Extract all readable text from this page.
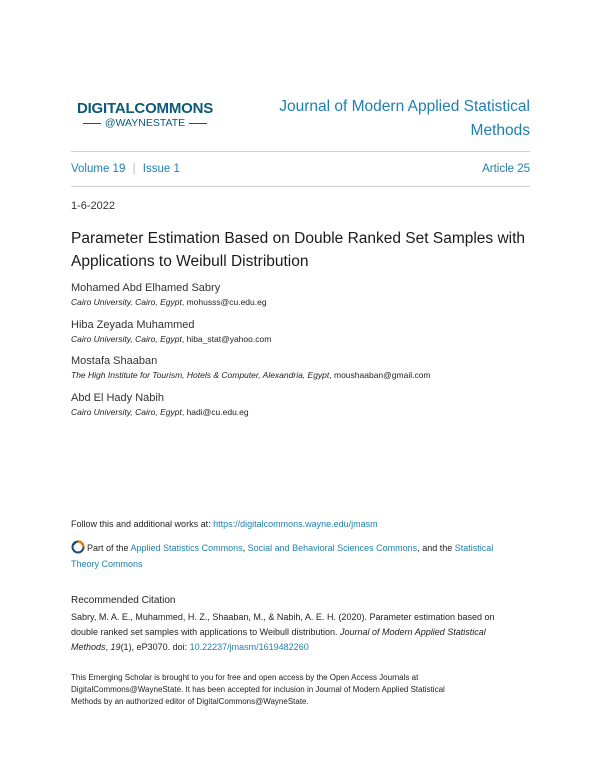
DIGITALCOMMONS
@WAYNESTATE
Journal of Modern Applied Statistical
Methods
Volume 19 | Issue 1	Article 25
1-6-2022
Parameter Estimation Based on Double Ranked Set Samples with
Applications to Weibull Distribution
Mohamed Abd Elhamed Sabry
Cairo University, Cairo, Egypt, mohusss@cu.edu.eg
Hiba Zeyada Muhammed
Cairo University, Cairo, Egypt, hiba_stat@yahoo.com
Mostafa Shaaban
The High Institute for Tourism, Hotels & Computer, Alexandria, Egypt, moushaaban@gmail.com
Abd El Hady Nabih
Cairo University, Cairo, Egypt, hadi@cu.edu.eg
Follow this and additional works at: https://digitalcommons.wayne.edu/jmasm
Part of the Applied Statistics Commons, Social and Behavioral Sciences Commons, and the Statistical
Theory Commons
Recommended Citation
Sabry, M. A. E., Muhammed, H. Z., Shaaban, M., & Nabih, A. E. H. (2020). Parameter estimation based on
double ranked set samples with applications to Weibull distribution. Journal of Modern Applied Statistical
Methods, 19(1), eP3070. doi: 10.22237/jmasm/1619482260
This Emerging Scholar is brought to you for free and open access by the Open Access Journals at
DigitalCommons@WayneState. It has been accepted for inclusion in Journal of Modern Applied Statistical
Methods by an authorized editor of DigitalCommons@WayneState.
